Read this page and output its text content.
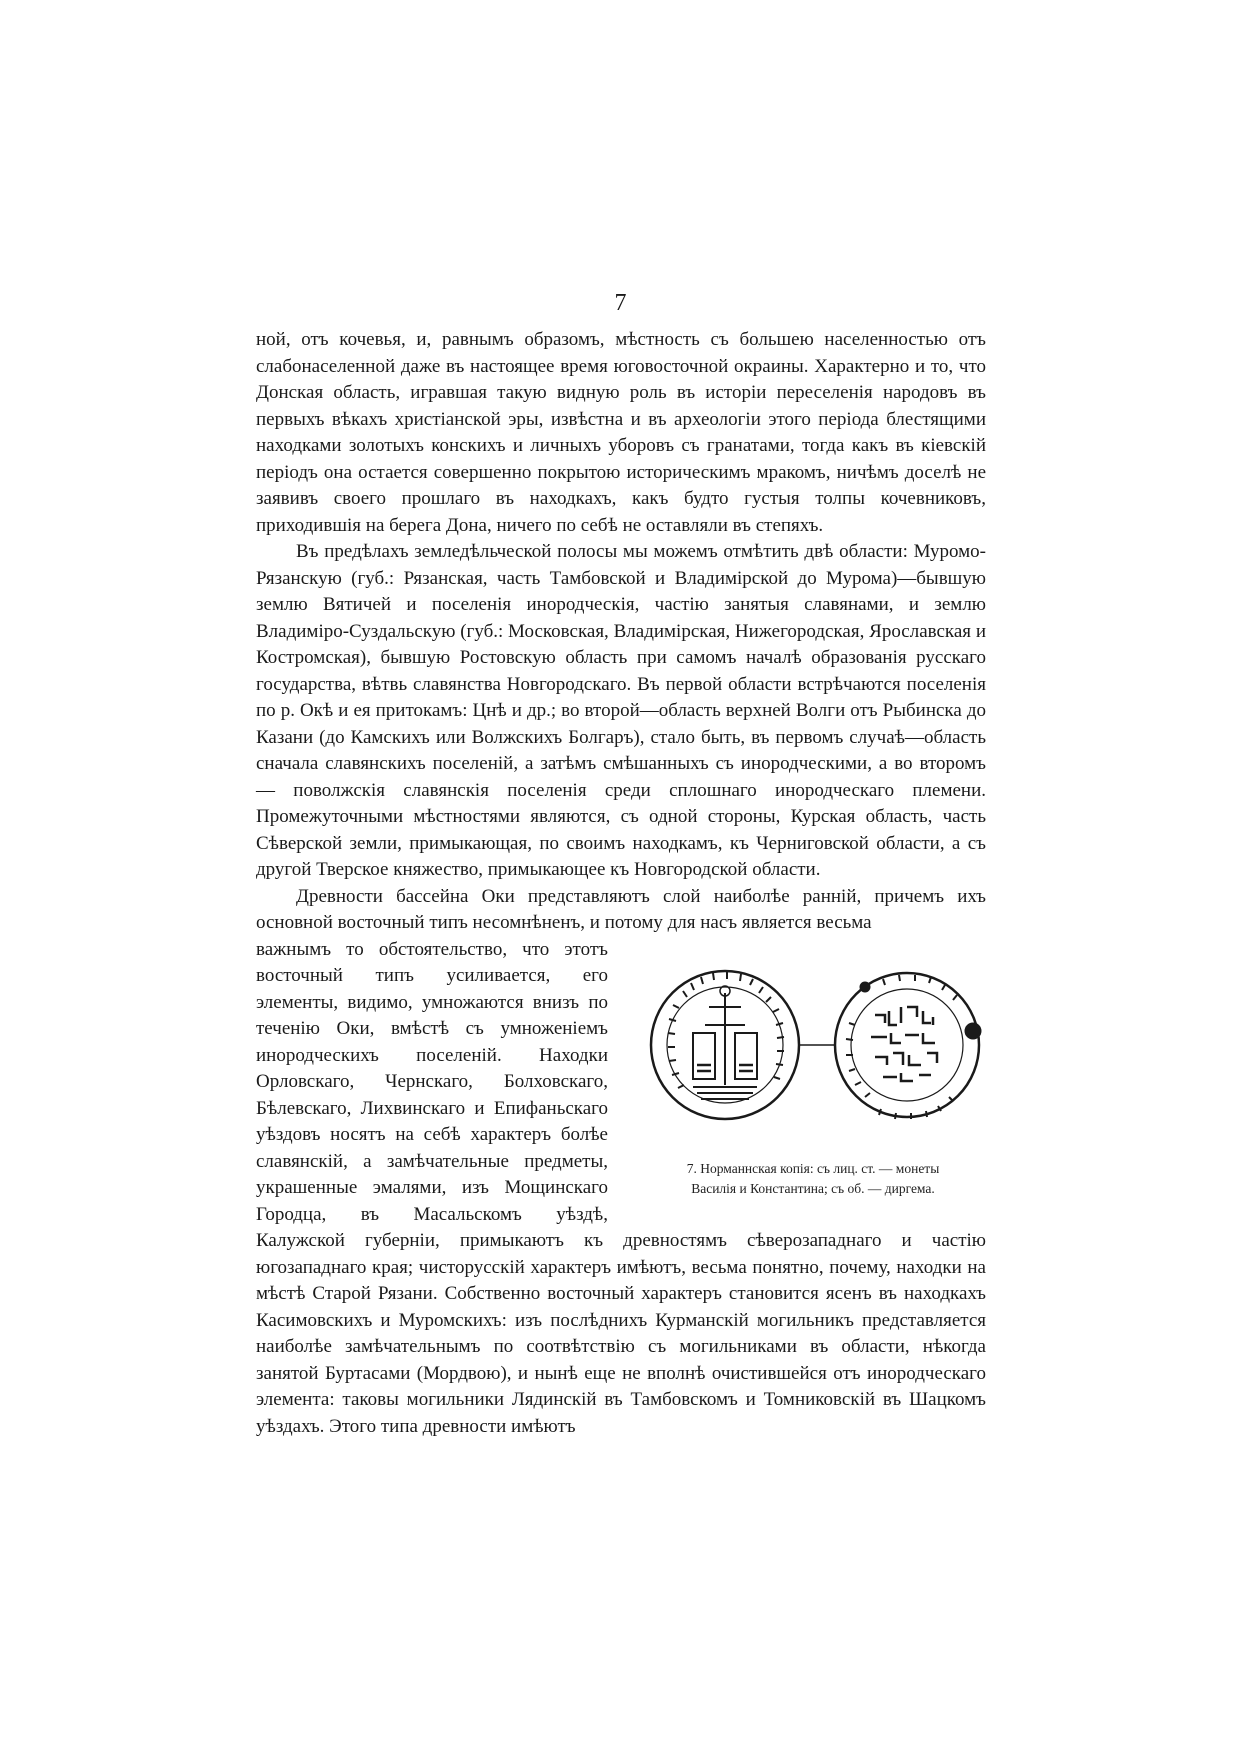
7

ной, отъ кочевья, и, равнымъ образомъ, мѣстность съ большею населенностью отъ слабонаселенной даже въ настоящее время юговосточной окраины. Характерно и то, что Донская область, игравшая такую видную роль въ исторіи переселенія народовъ въ первыхъ вѣкахъ христіанской эры, извѣстна и въ археологіи этого періода блестящими находками золотыхъ конскихъ и личныхъ уборовъ съ гранатами, тогда какъ въ кіевскій періодъ она остается совершенно покрытою историческимъ мракомъ, ничѣмъ доселѣ не заявивъ своего прошлаго въ находкахъ, какъ будто густыя толпы кочевниковъ, приходившія на берега Дона, ничего по себѣ не оставляли въ степяхъ.

Въ предѣлахъ земледѣльческой полосы мы можемъ отмѣтить двѣ области: Муромо-Рязанскую (губ.: Рязанская, часть Тамбовской и Владимірской до Мурома)—бывшую землю Вятичей и поселенія инородческія, частію занятыя славянами, и землю Владиміро-Суздальскую (губ.: Московская, Владимірская, Нижегородская, Ярославская и Костромская), бывшую Ростовскую область при самомъ началѣ образованія русскаго государства, вѣтвь славянства Новгородскаго. Въ первой области встрѣчаются поселенія по р. Окѣ и ея притокамъ: Цнѣ и др.; во второй—область верхней Волги отъ Рыбинска до Казани (до Камскихъ или Волжскихъ Болгаръ), стало быть, въ первомъ случаѣ—область сначала славянскихъ поселеній, а затѣмъ смѣшанныхъ съ инородческими, а во второмъ — поволжскія славянскія поселенія среди сплошнаго инородческаго племени. Промежуточными мѣстностями являются, съ одной стороны, Курская область, часть Сѣверской земли, примыкающая, по своимъ находкамъ, къ Черниговской области, а съ другой Тверское княжество, примыкающее къ Новгородской области.

Древности бассейна Оки представляютъ слой наиболѣе ранній, причемъ ихъ основной восточный типъ несомнѣненъ, и потому для насъ является весьма

7. Норманнская копія: съ лиц. ст. — монеты
Василія и Константина; съ об. — диргема.

важнымъ то обстоятельство, что этотъ восточный типъ усиливается, его элементы, видимо, умножаются внизъ по теченію Оки, вмѣстѣ съ умноженіемъ инородческихъ поселеній. Находки Орловскаго, Чернскаго, Болховскаго, Бѣлевскаго, Лихвинскаго и Епифаньскаго уѣздовъ носятъ на себѣ характеръ болѣе славянскій, а замѣчательные предметы, украшенные эмалями, изъ Мощинскаго Городца, въ Масальскомъ уѣздѣ, Калужской губерніи, примыкаютъ къ древностямъ сѣверозападнаго и частію югозападнаго края; чисторусскій характеръ имѣютъ, весьма понятно, почему, находки на мѣстѣ Старой Рязани. Собственно восточный характеръ становится ясенъ въ находкахъ Касимовскихъ и Муромскихъ: изъ послѣднихъ Курманскій могильникъ представляется наиболѣе замѣчательнымъ по соотвѣтствію съ могильниками въ области, нѣкогда занятой Буртасами (Мордвою), и нынѣ еще не вполнѣ очистившейся отъ инородческаго элемента: таковы могильники Лядинскій въ Тамбовскомъ и Томниковскій въ Шацкомъ уѣздахъ. Этого типа древности имѣютъ
